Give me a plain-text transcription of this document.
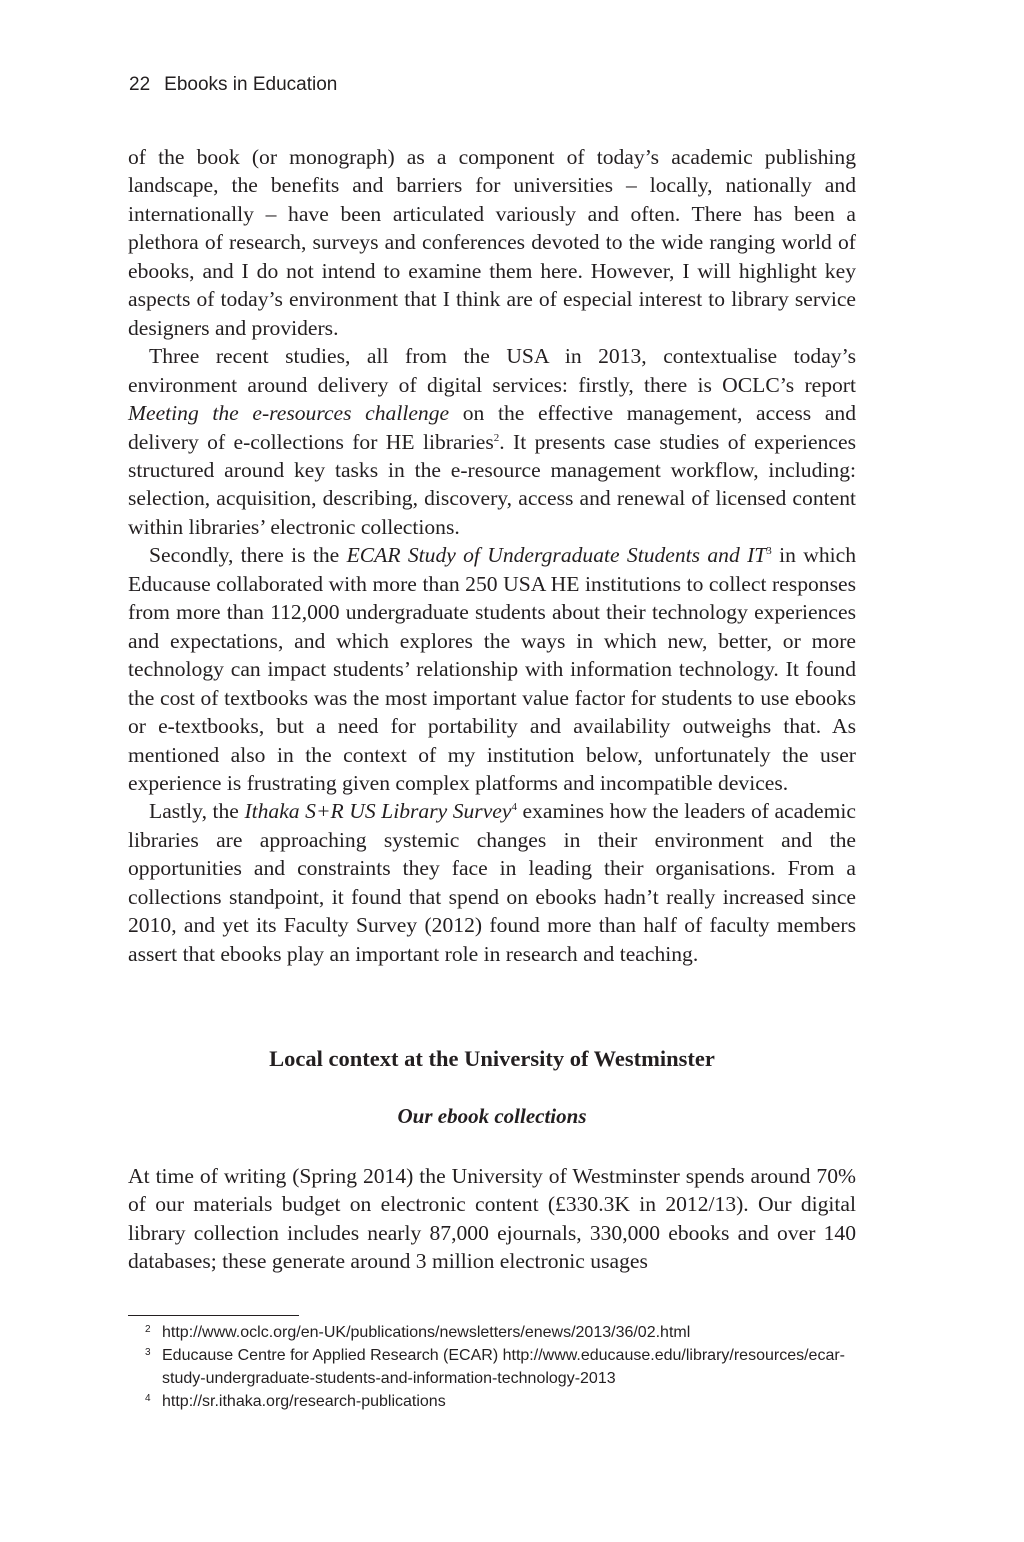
22 Ebooks in Education

of the book (or monograph) as a component of today’s academic publishing landscape, the benefits and barriers for universities – locally, nationally and internationally – have been articulated variously and often. There has been a plethora of research, surveys and conferences devoted to the wide ranging world of ebooks, and I do not intend to examine them here. However, I will highlight key aspects of today’s environment that I think are of especial interest to library service designers and providers.

Three recent studies, all from the USA in 2013, contextualise today’s environment around delivery of digital services: firstly, there is OCLC’s report Meeting the e-resources challenge on the effective management, access and delivery of e-collections for HE libraries$^2$. It presents case studies of experiences structured around key tasks in the e-resource management workflow, including: selection, acquisition, describing, discovery, access and renewal of licensed content within libraries’ electronic collections.

Secondly, there is the ECAR Study of Undergraduate Students and $IT^3$ in which Educause collaborated with more than 250 USA HE institutions to collect responses from more than 112,000 undergraduate students about their technology experiences and expectations, and which explores the ways in which new, better, or more technology can impact students’ relationship with information technology. It found the cost of textbooks was the most important value factor for students to use ebooks or e-textbooks, but a need for portability and availability outweighs that. As mentioned also in the context of my institution below, unfortunately the user experience is frustrating given complex platforms and incompatible devices.

Lastly, the Ithaka S+R US Library Survey$^4$ examines how the leaders of academic libraries are approaching systemic changes in their environment and the opportunities and constraints they face in leading their organisations. From a collections standpoint, it found that spend on ebooks hadn’t really increased since 2010, and yet its Faculty Survey (2012) found more than half of faculty members assert that ebooks play an important role in research and teaching.

Local context at the University of Westminster
Our ebook collections

At time of writing (Spring 2014) the University of Westminster spends around 70% of our materials budget on electronic content (£330.3K in 2012/13). Our digital library collection includes nearly 87,000 ejournals, 330,000 ebooks and over 140 databases; these generate around 3 million electronic usages

2 http://www.oclc.org/en-UK/publications/newsletters/enews/2013/36/02.html
3 Educause Centre for Applied Research (ECAR) http://www.educause.edu/library/resources/ecar-study-undergraduate-students-and-information-technology-2013
4 http://sr.ithaka.org/research-publications
